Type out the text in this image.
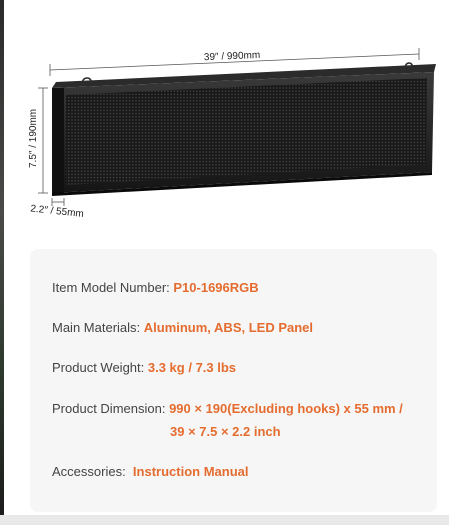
39″ / 990mm
7.5″ / 190mm
2.2″ / 55mm
Item Model Number: P10-1696RGB
Main Materials: Aluminum, ABS, LED Panel
Product Weight: 3.3 kg / 7.3 lbs
Product Dimension: 990 × 190(Excluding hooks) x 55 mm /
39 × 7.5 × 2.2 inch
Accessories:  Instruction Manual
